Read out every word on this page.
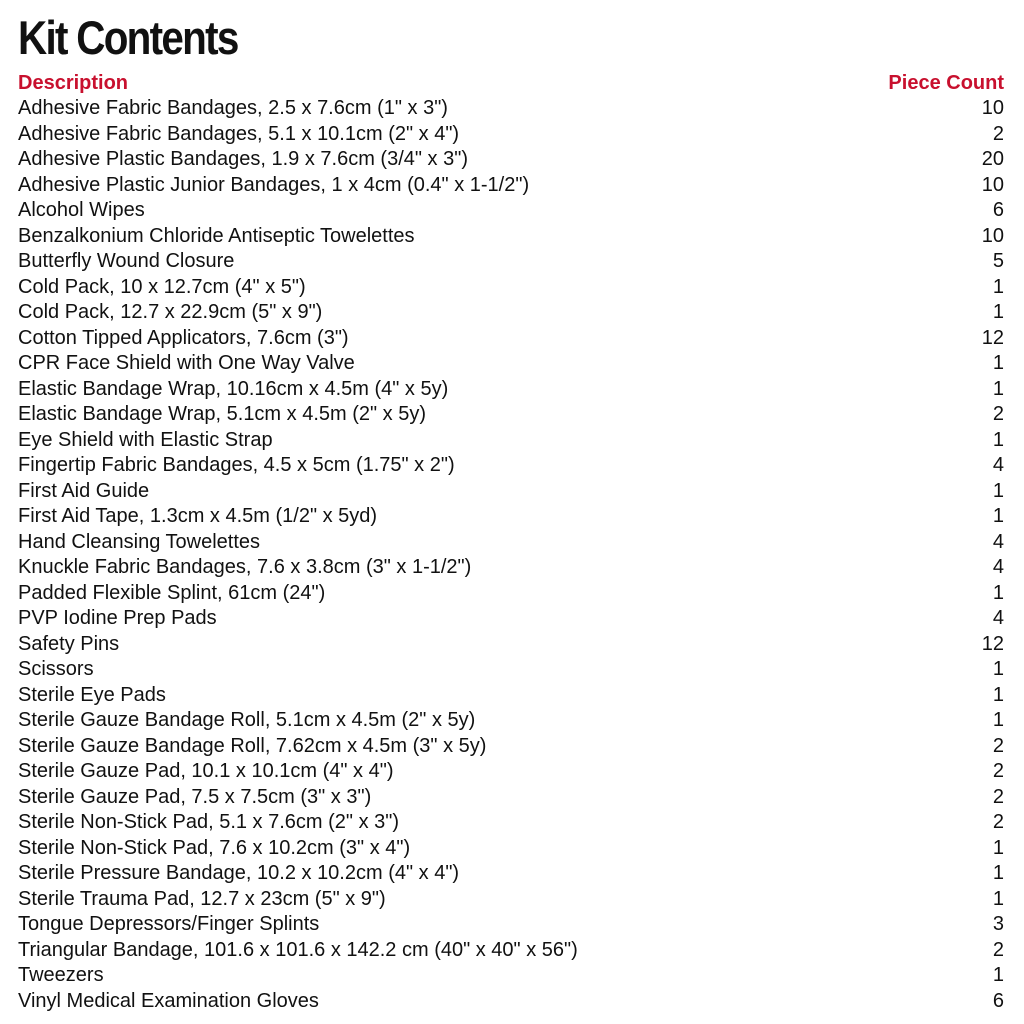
Kit Contents
Description	Piece Count
Adhesive Fabric Bandages, 2.5 x 7.6cm (1" x 3")	10
Adhesive Fabric Bandages, 5.1 x 10.1cm (2" x 4")	2
Adhesive Plastic Bandages, 1.9 x 7.6cm (3/4" x 3")	20
Adhesive Plastic Junior Bandages, 1 x 4cm (0.4" x 1-1/2")	10
Alcohol Wipes	6
Benzalkonium Chloride Antiseptic Towelettes	10
Butterfly Wound Closure	5
Cold Pack, 10 x 12.7cm (4" x 5")	1
Cold Pack, 12.7 x 22.9cm (5" x 9")	1
Cotton Tipped Applicators, 7.6cm (3")	12
CPR Face Shield with One Way Valve	1
Elastic Bandage Wrap, 10.16cm x 4.5m (4" x 5y)	1
Elastic Bandage Wrap, 5.1cm x 4.5m (2" x 5y)	2
Eye Shield with Elastic Strap	1
Fingertip Fabric Bandages, 4.5 x 5cm (1.75" x 2")	4
First Aid Guide	1
First Aid Tape, 1.3cm x 4.5m (1/2" x 5yd)	1
Hand Cleansing Towelettes	4
Knuckle Fabric Bandages, 7.6 x 3.8cm (3" x 1-1/2")	4
Padded Flexible Splint, 61cm (24")	1
PVP Iodine Prep Pads	4
Safety Pins	12
Scissors	1
Sterile Eye Pads	1
Sterile Gauze Bandage Roll, 5.1cm x 4.5m (2" x 5y)	1
Sterile Gauze Bandage Roll, 7.62cm x 4.5m (3" x 5y)	2
Sterile Gauze Pad, 10.1 x 10.1cm (4" x 4")	2
Sterile Gauze Pad, 7.5 x 7.5cm (3" x 3")	2
Sterile Non-Stick Pad, 5.1 x 7.6cm (2" x 3")	2
Sterile Non-Stick Pad, 7.6 x 10.2cm (3" x 4")	1
Sterile Pressure Bandage, 10.2 x 10.2cm (4" x 4")	1
Sterile Trauma Pad, 12.7 x 23cm (5" x 9")	1
Tongue Depressors/Finger Splints	3
Triangular Bandage, 101.6 x 101.6 x 142.2 cm (40" x 40" x 56")	2
Tweezers	1
Vinyl Medical Examination Gloves	6
